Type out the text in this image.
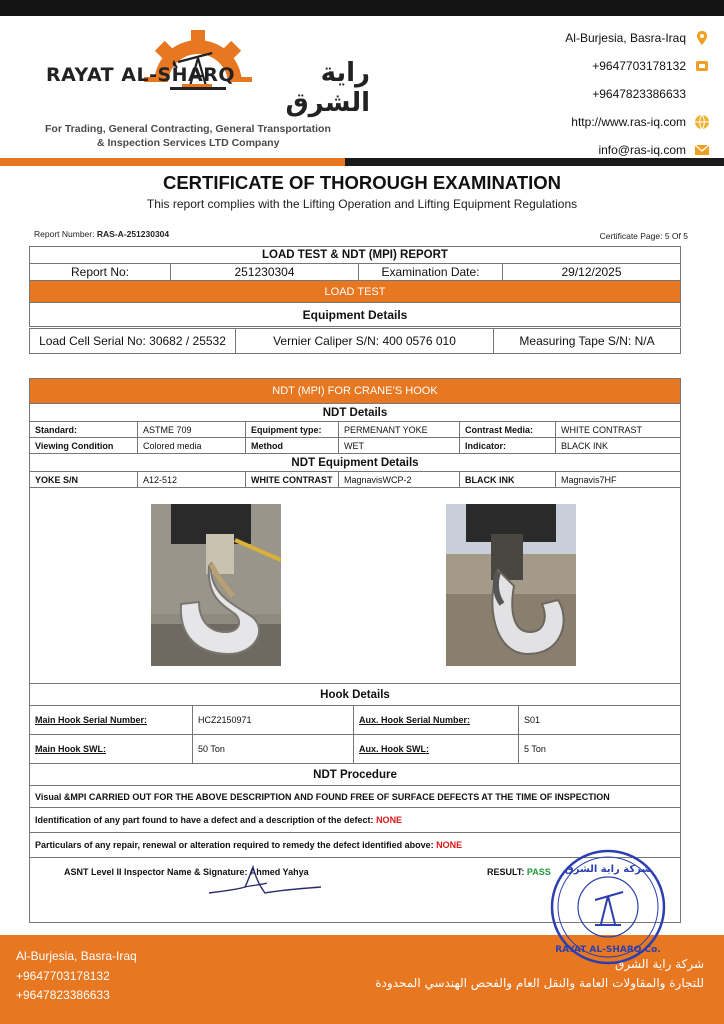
RAYAT AL-SHARQ	راية الشرق
For Trading, General Contracting, General Transportation
& Inspection Services LTD Company
Al-Burjesia, Basra-Iraq
+9647703178132
+9647823386633
http://www.ras-iq.com
info@ras-iq.com
CERTIFICATE OF THOROUGH EXAMINATION
This report complies with the Lifting Operation and Lifting Equipment Regulations
Report Number: RAS-A-251230304	Certificate Page: 5 Of 5
LOAD TEST & NDT (MPI) REPORT
Report No:	251230304	Examination Date:	29/12/2025
LOAD TEST
Equipment Details
Load Cell Serial No: 30682 / 25532	Vernier Caliper S/N: 400 0576 010	Measuring Tape S/N: N/A
NDT (MPI) FOR CRANE’S HOOK
NDT Details					
Standard:	ASTME 709	Equipment type:	PERMENANT YOKE	Contrast Media:	WHITE CONTRAST
Viewing Condition	Colored media	Method	WET	Indicator:	BLACK INK
NDT Equipment Details					
YOKE S/N	A12-512	WHITE CONTRAST	MagnavisWCP-2	BLACK INK	Magnavis7HF
Hook Details			
Main Hook Serial Number:	HCZ2150971	Aux. Hook Serial Number:	S01
Main Hook SWL:	50 Ton	Aux. Hook SWL:	5 Ton
NDT Procedure			
Visual &MPI CARRIED OUT FOR THE ABOVE DESCRIPTION AND FOUND FREE OF SURFACE DEFECTS AT THE TIME OF INSPECTION			
Identification of any part found to have a defect and a description of the defect: NONE			
Particulars of any repair, renewal or alteration required to remedy the defect identified above: NONE			
ASNT Level II Inspector Name & Signature: Ahmed Yahya	RESULT: PASS
Al-Burjesia, Basra-Iraq
+9647703178132
+9647823386633
شركة راية الشرق
للتجارة والمقاولات العامة والنقل العام والفحص الهندسي المحدودة
شركة راية الشرق
RAYAT AL-SHARQ Co.
